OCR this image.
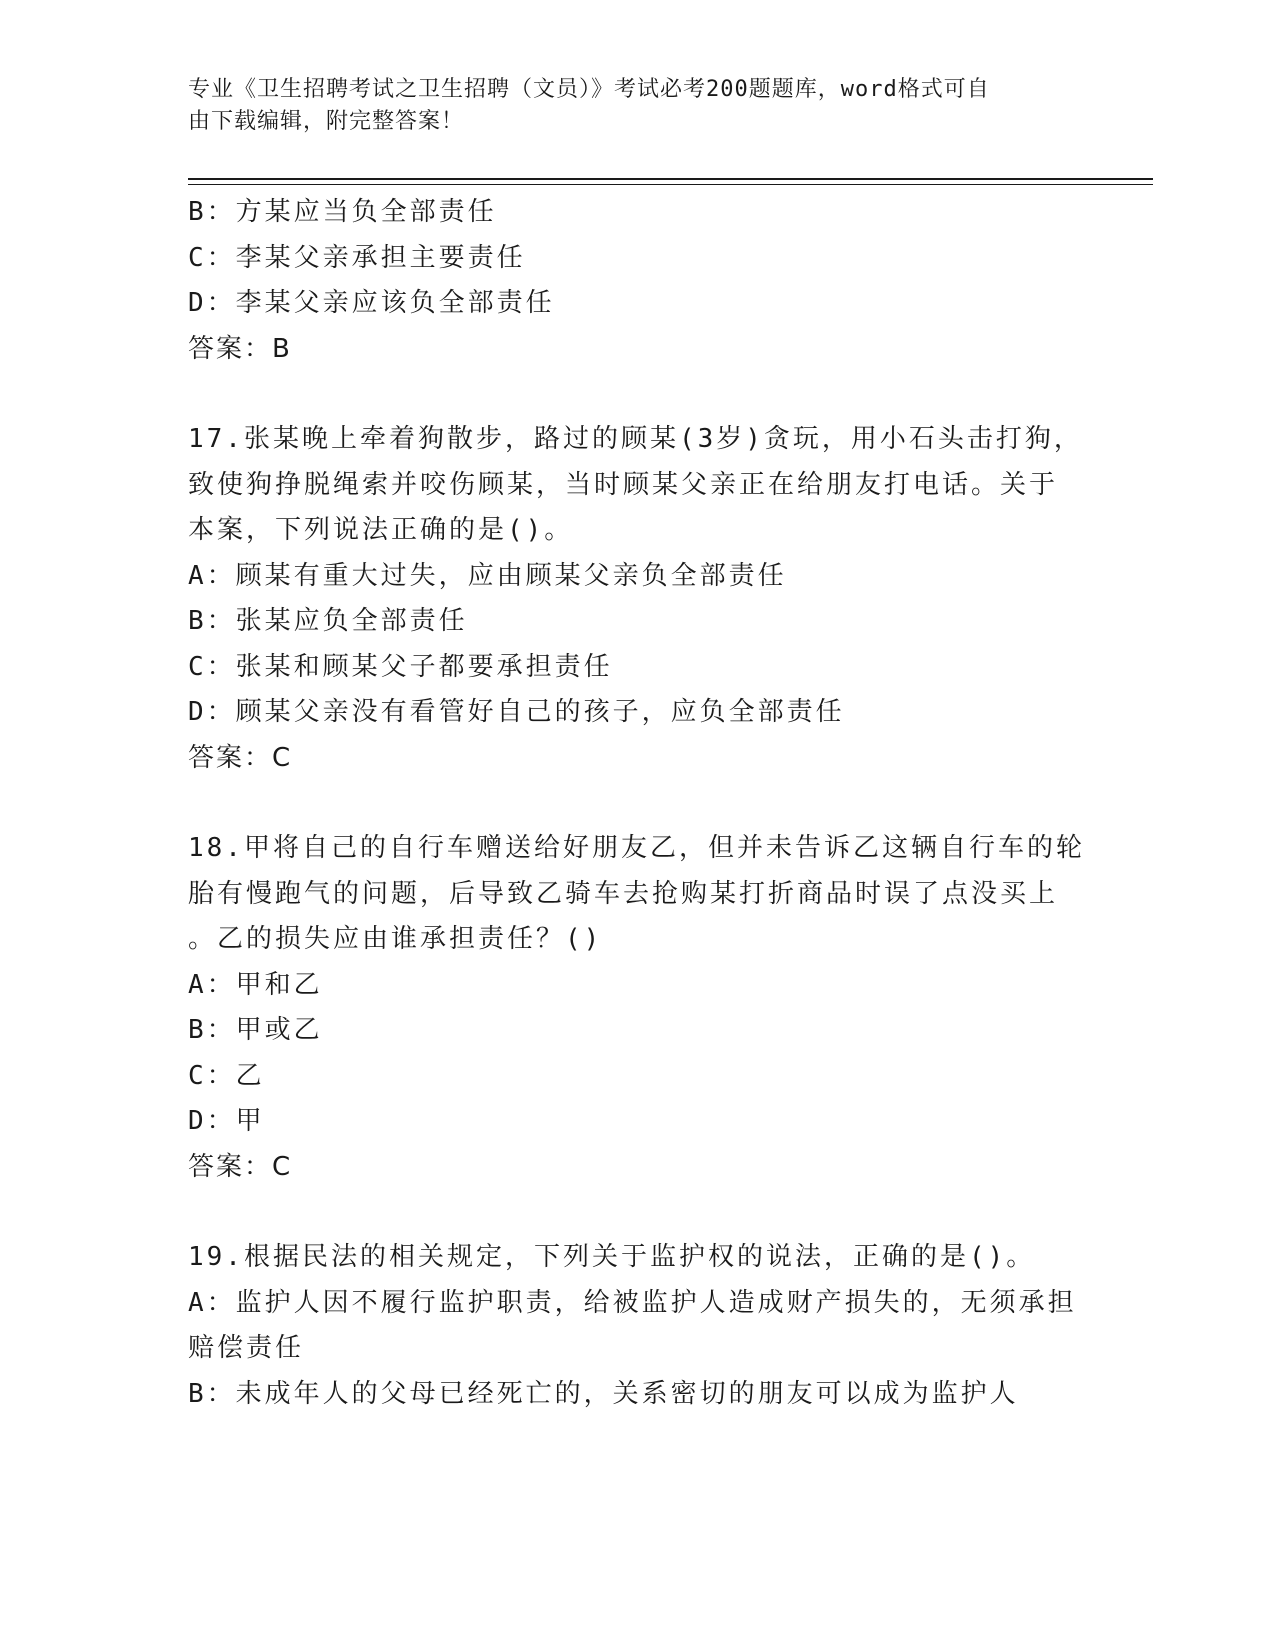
专业《卫生招聘考试之卫生招聘（文员）》考试必考200题题库，word格式可自
由下载编辑，附完整答案！
B：方某应当负全部责任
C：李某父亲承担主要责任
D：李某父亲应该负全部责任
答案：B
17.张某晚上牵着狗散步，路过的顾某(3岁)贪玩，用小石头击打狗，
致使狗挣脱绳索并咬伤顾某，当时顾某父亲正在给朋友打电话。关于
本案，下列说法正确的是()。
A：顾某有重大过失，应由顾某父亲负全部责任
B：张某应负全部责任
C：张某和顾某父子都要承担责任
D：顾某父亲没有看管好自己的孩子，应负全部责任
答案：C
18.甲将自己的自行车赠送给好朋友乙，但并未告诉乙这辆自行车的轮
胎有慢跑气的问题，后导致乙骑车去抢购某打折商品时误了点没买上
。乙的损失应由谁承担责任？()
A：甲和乙
B：甲或乙
C：乙
D：甲
答案：C
19.根据民法的相关规定，下列关于监护权的说法，正确的是()。
A：监护人因不履行监护职责，给被监护人造成财产损失的，无须承担
赔偿责任
B：未成年人的父母已经死亡的，关系密切的朋友可以成为监护人
